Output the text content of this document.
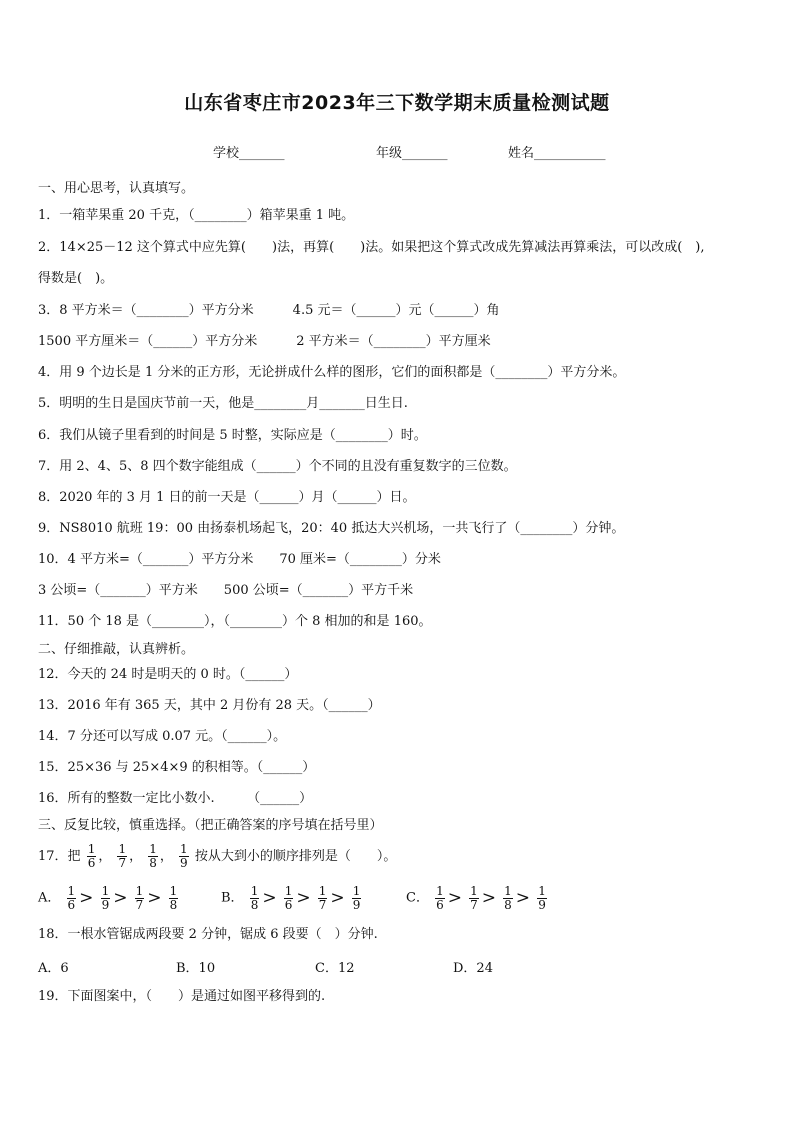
山东省枣庄市2023年三下数学期末质量检测试题
学校_______	年级_______	姓名___________
一、用心思考，认真填写。
1．一箱苹果重 20 千克，（________）箱苹果重 1 吨。
2．14×25－12 这个算式中应先算(　　)法，再算(　　)法。如果把这个算式改成先算减法再算乘法，可以改成(　),
得数是(　)。
3．8 平方米＝（________）平方分米　　　4.5 元＝（______）元（______）角
1500 平方厘米＝（______）平方分米　　　2 平方米＝（________）平方厘米
4．用 9 个边长是 1 分米的正方形，无论拼成什么样的图形，它们的面积都是（________）平方分米。
5．明明的生日是国庆节前一天，他是________月_______日生日.
6．我们从镜子里看到的时间是 5 时整，实际应是（________）时。
7．用 2、4、5、8 四个数字能组成（______）个不同的且没有重复数字的三位数。
8．2020 年的 3 月 1 日的前一天是（______）月（______）日。
9．NS8010 航班 19：00 由扬泰机场起飞，20：40 抵达大兴机场，一共飞行了（________）分钟。
10．4 平方米=（_______）平方分米　　70 厘米=（________）分米
3 公顷=（_______）平方米　　500 公顷=（_______）平方千米
11．50 个 18 是（________），（________）个 8 相加的和是 160。
二、仔细推敲，认真辨析。
12．今天的 24 时是明天的 0 时。（______）
13．2016 年有 365 天，其中 2 月份有 28 天。（______）
14．7 分还可以写成 0.07 元。（______）。
15．25×36 与 25×4×9 的积相等。（______）
16．所有的整数一定比小数小.　　　（______）
三、反复比较，慎重选择。（把正确答案的序号填在括号里）
17．把 $\frac{1}{6}$ ， $\frac{1}{7}$ ， $\frac{1}{8}$ ， $\frac{1}{9}$ 按从大到小的顺序排列是（　　）。
A． $\frac{1}{6} > \frac{1}{9} > \frac{1}{7} > \frac{1}{8}$	B． $\frac{1}{8} > \frac{1}{6} > \frac{1}{7} > \frac{1}{9}$	C． $\frac{1}{6} > \frac{1}{7} > \frac{1}{8} > \frac{1}{9}$
18．一根水管锯成两段要 2 分钟，锯成 6 段要（　）分钟.
A．6	B．10	C．12	D．24
19．下面图案中，（　　）是通过如图平移得到的.
